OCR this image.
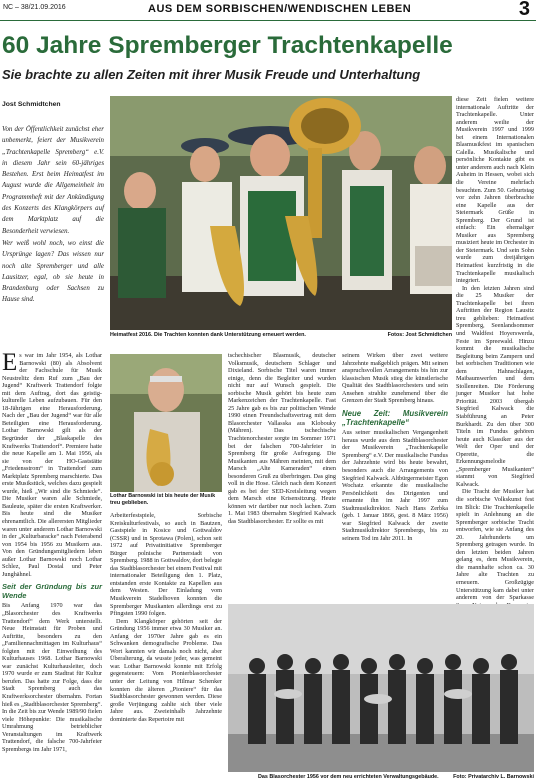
NC – 38/21.09.2016	AUS DEM SORBISCHEN/WENDISCHEN LEBEN	3
60 Jahre Spremberger Trachtenkapelle
Sie brachte zu allen Zeiten mit ihrer Musik Freude und Unterhaltung
Jost Schmidtchen

Von der Öffentlichkeit zunächst eher unbemerkt, feiert der Musikverein „Trachtenkapelle Spremberg“ e.V. in diesem Jahr sein 60-jähriges Bestehen. Erst beim Heimatfest im August wurde die Allgemeinheit im Programmheft mit der Ankündigung des Konzerts des Klangkörpers auf dem Marktplatz auf die Besonderheit verwiesen.

Wer weiß wohl noch, wo einst die Ursprünge lagen? Das wissen nur noch alte Spremberger und alle Lausitzer, egal, ob sie heute in Brandenburg oder Sachsen zu Hause sind.

Heimatfest 2016. Die Trachten konnten dank Unterstützung erneuert werden.	Fotos: Jost Schmidtchen

diese Zeit fielen weitere internationale Auftritte der Trachtenkapelle. Unter anderem weilte der Musikverein 1997 und 1999 bei einem Internationalen Blasmusikfest im spanischen Calella. Musikalische und persönliche Kontakte gibt es unter anderem auch nach Klein Auheim in Hessen, wobei sich die Vereine mehrfach besuchten. Zum 50. Geburtstag vor zehn Jahren überbrachte eine Kapelle aus der Steiermark Grüße in Spremberg. Der Grund ist einfach: Ein ehemaliger Musiker aus Spremberg musiziert heute im Orchester in der Steiermark. Und sein Sohn wurde zum dreijährigen Heimatfest kurzfristig in die Trachtenkapelle musikalisch integriert.

In den letzten Jahren sind die 25 Musiker der Trachtenkapelle bei ihren Auftritten der Region Lausitz treu geblieben: Heimatfest Spremberg, Seenlandsommer und Waldfest Hoyerswerda, Feste im Spreewald. Hinzu kommt die musikalische Begleitung beim Zampern und bei sorbischen Traditionen wie dem Hahnschlagen, Maibaumwerfen und dem Stollenreiten. Die Förderung junger Musiker hat hohe Priorität. 2003 übergab Siegfried Kalwack die Stabführung an Peter Burkhardt. Zu den über 300 Titeln im Fundus gehören heute auch Klassiker aus der Welt der Oper und der Operette, die Erkennungsmelodie „Spremberger Musikanten“ stammt von Siegfried Kalwack.

Die Tracht der Musiker hat die sorbische Volkskunst fest im Blick: Die Trachtenkapelle spielt in Anlehnung an die Spremberger sorbische Tracht entworfen, wie sie Anfang des 20. Jahrhunderts um Spremberg getragen wurde. In den letzten beiden Jahren gelang es, dem Musikverein, die mannhafte schon ca. 30 Jahre alte Trachten zu erneuern. Großzügige Unterstützung kam dabei unter anderem von der Sparkasse

Es war im Jahr 1954, als Lothar Barnowski (80) als Absolvent der Fachschule für Musik Neustrelitz dem Ruf zum „Bau der Jugend“ Kraftwerk Trattendorf folgte mit dem Auftrag, dort das geistig-kulturelle Leben aufzubauen. Für den 18-Jährigen eine Herausforderung. Nach der „Bau der Jugend“ war für alle Beteiligten eine Herausforderung. Lothar Barnowski gilt als der Begründer der „Blaskapelle des Kraftwerks Trattendorf“. Premiere hatte die neue Kapelle am 1. Mai 1956, als sie von der HO-Gaststätte „Friedensstrom“ in Trattendorf zum Marktplatz Spremberg marschierte. Das erste Musikstück, welches dazu gespielt wurde, hieß „Wir sind die Schmiede“. Die Musiker waren alle Schmiede, Bauleute, später die ersten Kraftwerker. Bis heute sind die Musiker ehrenamtlich. Die allerersten Mitglieder waren unter anderem Lothar Barnowski in der „Kulturbaracke“ nach Feierabend von 1954 bis 1956 zu Musikern aus. Von den Gründungsmitgliedern leben außer Lothar Barnowski noch Lothar Schlez, Paul Dostal und Peter Junghähnel.

Seit der Gründung bis zur Wende

Bis Anfang 1970 war das „Blasorchester des Kraftwerks Trattendorf“ dem Werk unterstellt. Neue Heimstatt für Proben und Auftritte, besonders zu den „Familiennachmittagen im Kulturhaus“ folgten mit der Einweihung des Kulturhauses 1968. Lothar Barnowski war zunächst Kulturhausleiter, doch 1970 wurde er zum Stadtrat für Kultur berufen. Das hatte zur Folge, dass die Stadt Spremberg auch das Kraftwerksorchester übernahm. Fortan hieß es „Stadtblasorchester Spremberg“. In die Zeit bis zur Wende 1989/90 fielen viele Höhepunkte: Die musikalische Umrahmung betrieblicher Veranstaltungen im Kraftwerk Trattendorf, die falsche 700-Jahrfeier Sprembergs im Jahr 1971,

Lothar Barnowski ist bis heute der Musik treu geblieben.

Arbeiterfestspiele, Sorbische Kreiskulturfestivals, so auch in Bautzen, Gastspiele in Kosice und Gottwaldov (CSSR) und in Sprotawa (Polen), schon seit 1972 auf Privatinitiative Spremberger Bürger polnische Partnerstadt von Spremberg. 1988 in Gottwaldov, dort belegte das Stadtblasorchester bei einem Festival mit internationaler Beteiligung den 1. Platz, entstanden erste Kontakte zu Kapellen aus dem Westen. Der Einladung vom Musikverein Stadelhoven konnten die Spremberger Musikanten allerdings erst zu Pfingsten 1990 folgen.

Dem Klangkörper gehörten seit der Gründung 1956 immer etwa 30 Musiker an. Anfang der 1970er Jahre gab es ein Schwanken demografische Probleme. Das Wort kannten wir damals noch nicht, aber Überalterung, da wusste jeder, was gemeint war. Lothar Barnowski konnte mit Erfolg gegensteuern: Vom Pionierblasorchester unter der Leitung von Hilmar Schenker konnten die älteren „Pioniere“ für das Stadtblasorchester gewonnen werden. Diese große Verjüngung zahlte sich über viele Jahre aus. Zweieinhalb Jahrzehnte dominierte das Repertoire mit

tschechischer Blasmusik, deutscher Volksmusik, deutschem Schlager und Dixieland. Sorbische Titel waren immer einige, denn die Begleiter und wurden nicht nur auf Wunsch gespielt. Die sorbische Musik gehört bis heute zum Markenzeichen der Trachtenkapelle. Fast 25 Jahre gab es bis zur politischen Wende 1990 einen Freundschaftsvertrag mit dem Blasorchester Vallasska aus Klobouky (Mähren). Das tschechische Trachtenorchester sorgte im Sommer 1971 bei der falschen 700-Jahrfeier in Spremberg für große Aufregung. Die Musikanten aus Mähren meinten, mit dem Marsch „Alte Kameraden“ einen besonderen Gruß zu überbringen. Das ging voll in die Hose. Gleich nach dem Konzert gab es bei der SED-Kreisleitung wegen dem Marsch eine Krisensitzung. Heute können wir darüber nur noch lachen. Zum 1. Mai 1983 übernahm Siegfried Kalwack das Stadtblasorchester. Er sollte es mit

seinem Wirken über zwei weitere Jahrzehnte maßgeblich prägen. Mit seinen anspruchsvollen Arrangements bis hin zur klassischen Musik stieg die künstlerische Qualität des Stadtblasorchesters und sein Ansehen strahlte zunehmend über die Grenzen der Stadt Spremberg hinaus.

Neue Zeit: Musikverein „Trachtenkapelle“

Aus seiner musikalischen Vergangenheit heraus wurde aus dem Stadtblasorchester der Musikverein „Trachtenkapelle Spremberg“ e.V. Der musikalische Fundus der Jahrzehnte wird bis heute bewahrt, besonders auch die Arrangements von Siegfried Kalwack. Altbürgermeister Egon Wochatz erkannte die musikalische Persönlichkeit des Dirigenten und ernannte ihn im Jahr 1997 zum Stadtmusikdirektor. Nach Hans Zerbka (geb. 1 Januar 1866, gest. 8 März 1956) war Siegfried Kalwack der zweite Stadtmusikdirektor Sprembergs, bis zu seinem Tod im Jahr 2011. In

Das Blasorchester 1956 vor dem neu errichteten Verwaltungsgebäude.	Foto: Privatarchiv L. Barnowski
